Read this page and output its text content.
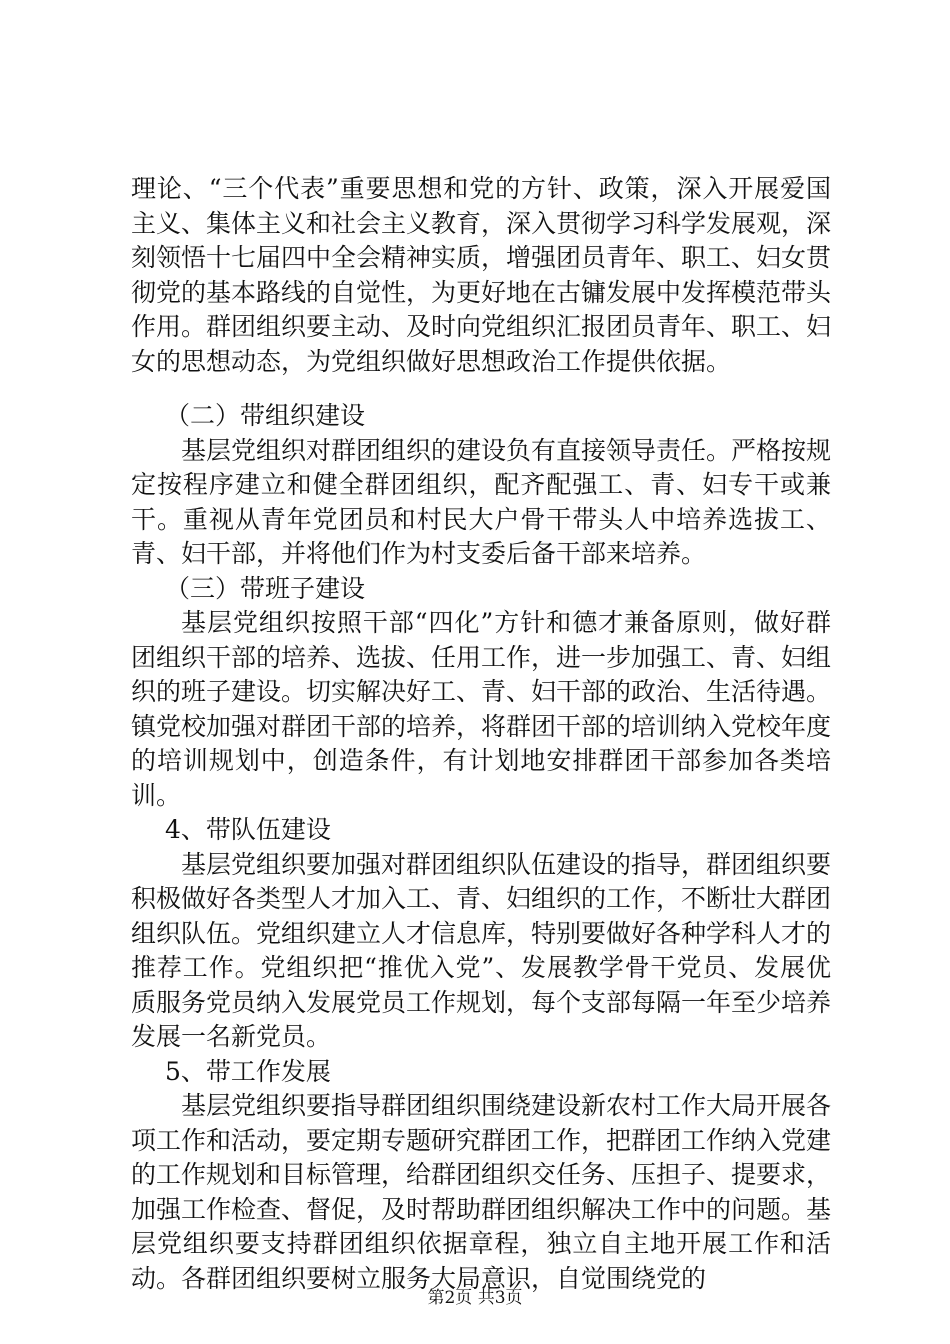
理论、“三个代表”重要思想和党的方针、政策，深入开展爱国主义、集体主义和社会主义教育，深入贯彻学习科学发展观，深刻领悟十七届四中全会精神实质，增强团员青年、职工、妇女贯彻党的基本路线的自觉性，为更好地在古镛发展中发挥模范带头作用。群团组织要主动、及时向党组织汇报团员青年、职工、妇女的思想动态，为党组织做好思想政治工作提供依据。

（二）带组织建设

基层党组织对群团组织的建设负有直接领导责任。严格按规定按程序建立和健全群团组织，配齐配强工、青、妇专干或兼干。重视从青年党团员和村民大户骨干带头人中培养选拔工、青、妇干部，并将他们作为村支委后备干部来培养。

（三）带班子建设

基层党组织按照干部“四化”方针和德才兼备原则，做好群团组织干部的培养、选拔、任用工作，进一步加强工、青、妇组织的班子建设。切实解决好工、青、妇干部的政治、生活待遇。镇党校加强对群团干部的培养，将群团干部的培训纳入党校年度的培训规划中，创造条件，有计划地安排群团干部参加各类培训。

4、带队伍建设

基层党组织要加强对群团组织队伍建设的指导，群团组织要积极做好各类型人才加入工、青、妇组织的工作，不断壮大群团组织队伍。党组织建立人才信息库，特别要做好各种学科人才的推荐工作。党组织把“推优入党”、发展教学骨干党员、发展优质服务党员纳入发展党员工作规划，每个支部每隔一年至少培养发展一名新党员。

5、带工作发展

基层党组织要指导群团组织围绕建设新农村工作大局开展各项工作和活动，要定期专题研究群团工作，把群团工作纳入党建的工作规划和目标管理，给群团组织交任务、压担子、提要求，加强工作检查、督促，及时帮助群团组织解决工作中的问题。基层党组织要支持群团组织依据章程，独立自主地开展工作和活动。各群团组织要树立服务大局意识，自觉围绕党的

第2页 共3页
